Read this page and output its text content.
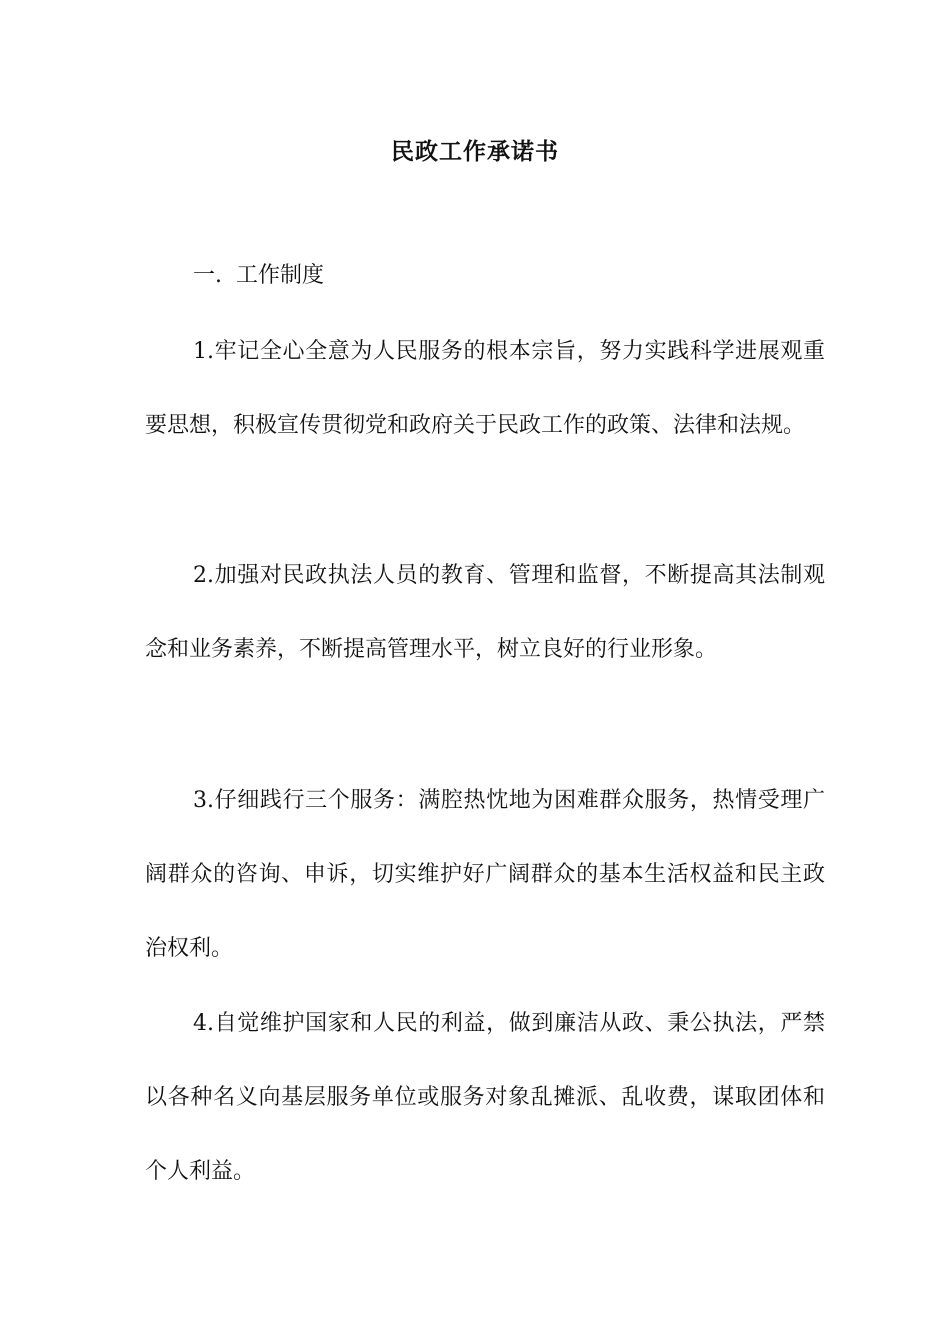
民政工作承诺书
一. 工作制度

1.牢记全心全意为人民服务的根本宗旨，努力实践科学进展观重要思想，积极宣传贯彻党和政府关于民政工作的政策、法律和法规。

2.加强对民政执法人员的教育、管理和监督，不断提高其法制观念和业务素养，不断提高管理水平，树立良好的行业形象。

3.仔细践行三个服务：满腔热忱地为困难群众服务，热情受理广阔群众的咨询、申诉，切实维护好广阔群众的基本生活权益和民主政治权利。

4.自觉维护国家和人民的利益，做到廉洁从政、秉公执法，严禁以各种名义向基层服务单位或服务对象乱摊派、乱收费，谋取团体和个人利益。
